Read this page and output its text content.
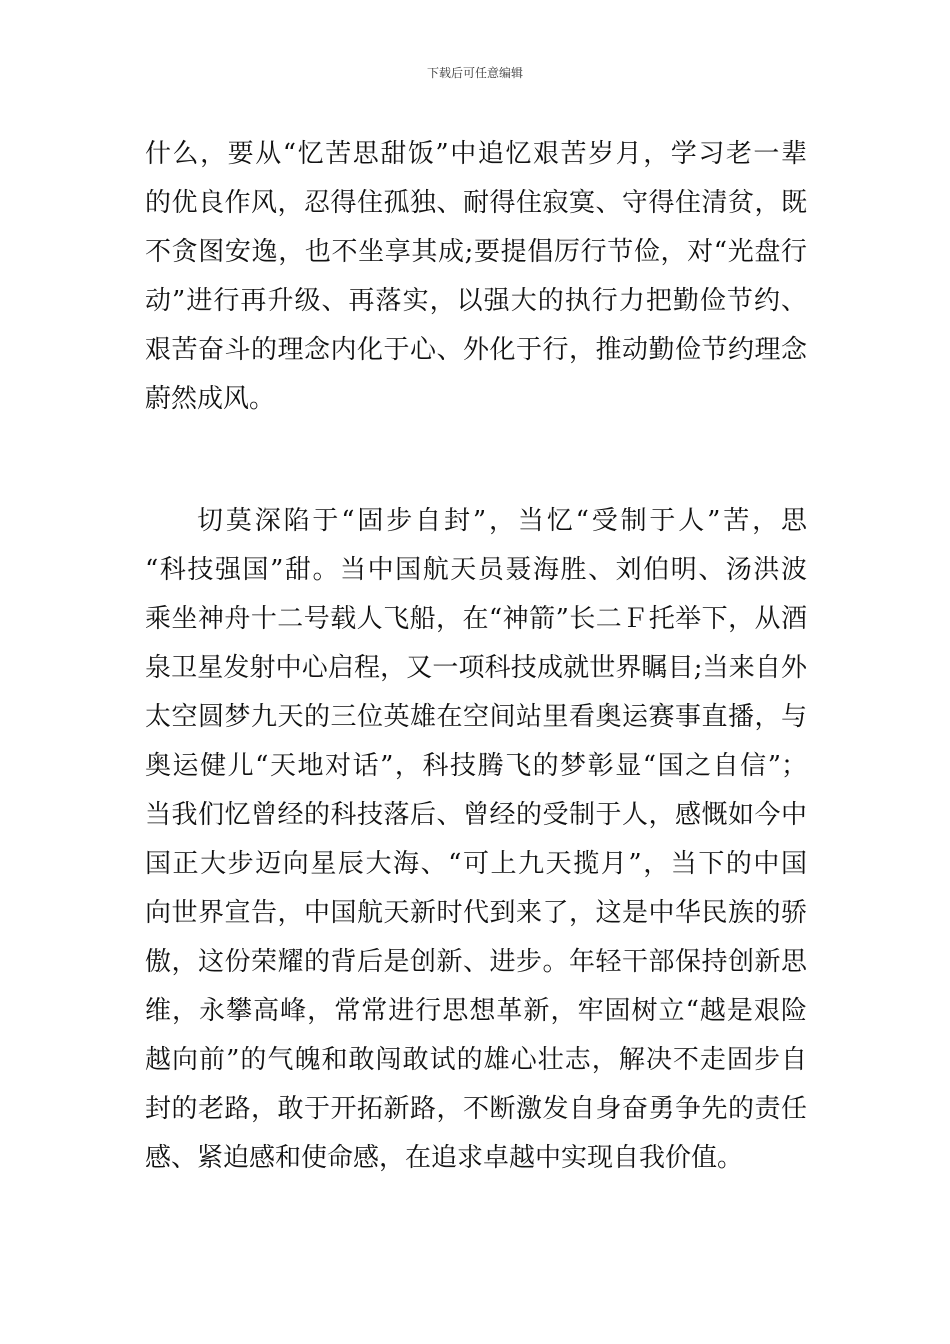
下载后可任意编辑
什么，要从“忆苦思甜饭”中追忆艰苦岁月，学习老一辈
的优良作风，忍得住孤独、耐得住寂寞、守得住清贫，既
不贪图安逸，也不坐享其成;要提倡厉行节俭，对“光盘行
动”进行再升级、再落实，以强大的执行力把勤俭节约、
艰苦奋斗的理念内化于心、外化于行，推动勤俭节约理念
蔚然成风。
切莫深陷于“固步自封”，当忆“受制于人”苦，思
“科技强国”甜。当中国航天员聂海胜、刘伯明、汤洪波
乘坐神舟十二号载人飞船，在“神箭”长二Ｆ托举下，从酒
泉卫星发射中心启程，又一项科技成就世界瞩目;当来自外
太空圆梦九天的三位英雄在空间站里看奥运赛事直播，与
奥运健儿“天地对话”，科技腾飞的梦彰显“国之自信”；
当我们忆曾经的科技落后、曾经的受制于人，感慨如今中
国正大步迈向星辰大海、“可上九天揽月”，当下的中国
向世界宣告，中国航天新时代到来了，这是中华民族的骄
傲，这份荣耀的背后是创新、进步。年轻干部保持创新思
维，永攀高峰，常常进行思想革新，牢固树立“越是艰险
越向前”的气魄和敢闯敢试的雄心壮志，解决不走固步自
封的老路，敢于开拓新路，不断激发自身奋勇争先的责任
感、紧迫感和使命感，在追求卓越中实现自我价值。
